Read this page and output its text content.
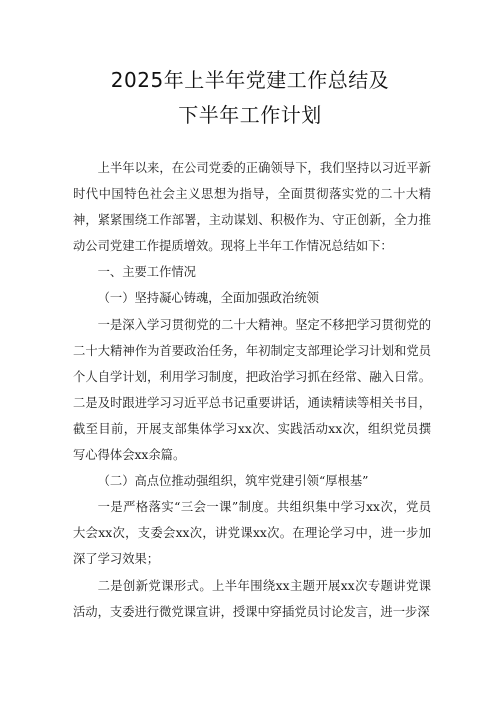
2025年上半年党建工作总结及
下半年工作计划

上半年以来，在公司党委的正确领导下，我们坚持以习近平新时代中国特色社会主义思想为指导，全面贯彻落实党的二十大精神，紧紧围绕工作部署，主动谋划、积极作为、守正创新，全力推动公司党建工作提质增效。现将上半年工作情况总结如下：

一、主要工作情况

（一）坚持凝心铸魂，全面加强政治统领

一是深入学习贯彻党的二十大精神。坚定不移把学习贯彻党的二十大精神作为首要政治任务，年初制定支部理论学习计划和党员个人自学计划，利用学习制度，把政治学习抓在经常、融入日常。二是及时跟进学习习近平总书记重要讲话，通读精读等相关书目，截至目前，开展支部集体学习xx次、实践活动xx次，组织党员撰写心得体会xx余篇。

（二）高点位推动强组织，筑牢党建引领“厚根基”

一是严格落实“三会一课”制度。共组织集中学习xx次，党员大会xx次，支委会xx次，讲党课xx次。在理论学习中，进一步加深了学习效果；

二是创新党课形式。上半年围绕xx主题开展xx次专题讲党课活动，支委进行微党课宣讲，授课中穿插党员讨论发言，进一步深
